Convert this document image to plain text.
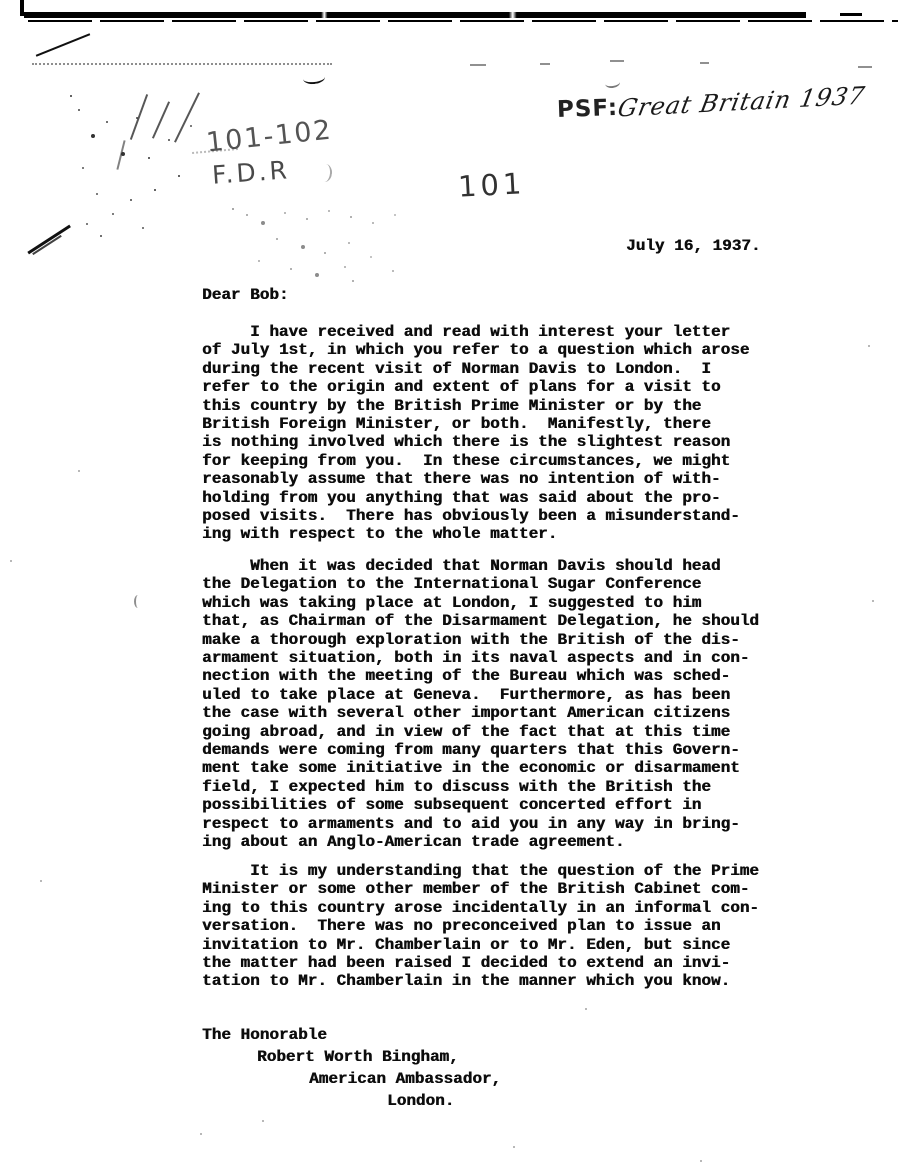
PSF:
Great Britain 1937
101-102
F.D.R	101
July 16, 1937.
Dear Bob:
I have received and read with interest your letter
of July 1st, in which you refer to a question which arose
during the recent visit of Norman Davis to London.  I
refer to the origin and extent of plans for a visit to
this country by the British Prime Minister or by the
British Foreign Minister, or both.  Manifestly, there
is nothing involved which there is the slightest reason
for keeping from you.  In these circumstances, we might
reasonably assume that there was no intention of with-
holding from you anything that was said about the pro-
posed visits.  There has obviously been a misunderstand-
ing with respect to the whole matter.
When it was decided that Norman Davis should head
the Delegation to the International Sugar Conference
which was taking place at London, I suggested to him
that, as Chairman of the Disarmament Delegation, he should
make a thorough exploration with the British of the dis-
armament situation, both in its naval aspects and in con-
nection with the meeting of the Bureau which was sched-
uled to take place at Geneva.  Furthermore, as has been
the case with several other important American citizens
going abroad, and in view of the fact that at this time
demands were coming from many quarters that this Govern-
ment take some initiative in the economic or disarmament
field, I expected him to discuss with the British the
possibilities of some subsequent concerted effort in
respect to armaments and to aid you in any way in bring-
ing about an Anglo-American trade agreement.
It is my understanding that the question of the Prime
Minister or some other member of the British Cabinet com-
ing to this country arose incidentally in an informal con-
versation.  There was no preconceived plan to issue an
invitation to Mr. Chamberlain or to Mr. Eden, but since
the matter had been raised I decided to extend an invi-
tation to Mr. Chamberlain in the manner which you know.
The Honorable
Robert Worth Bingham,
American Ambassador,
London.
